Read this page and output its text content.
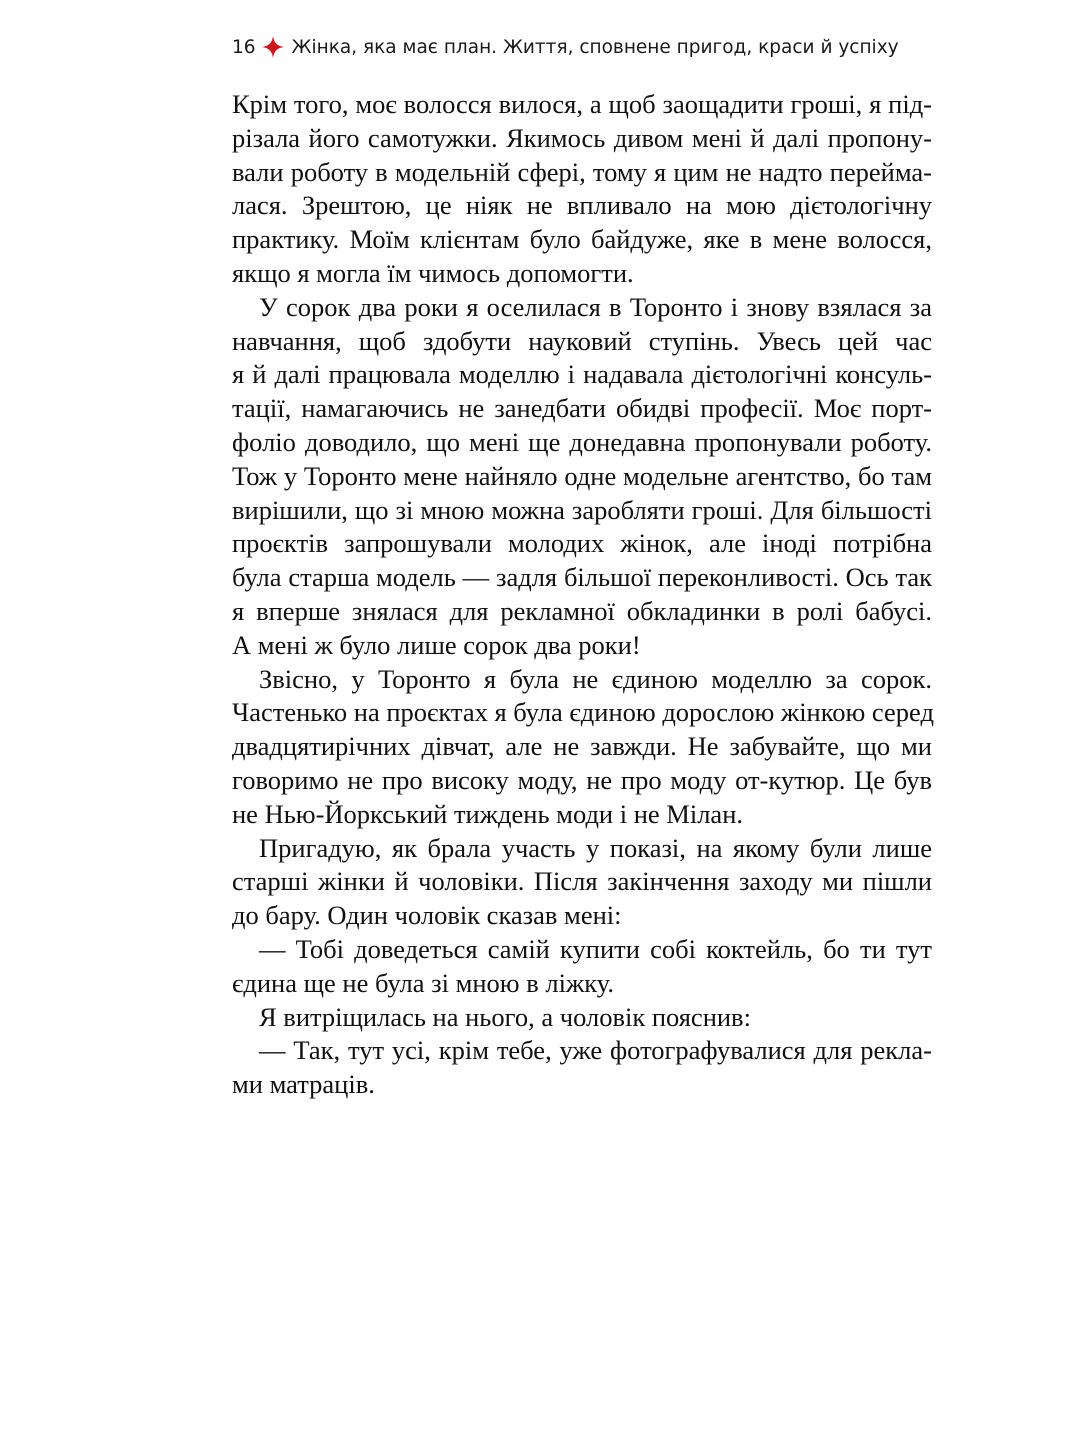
16 Жінка, яка має план. Життя, сповнене пригод, краси й успіху
Крім того, моє волосся вилося, а щоб заощадити гроші, я під-
різала його самотужки. Якимось дивом мені й далі пропону-
вали роботу в модельній сфері, тому я цим не надто перейма-
лася. Зрештою, це ніяк не впливало на мою дієтологічну
практику. Моїм клієнтам було байдуже, яке в мене волосся,
якщо я могла їм чимось допомогти.
У сорок два роки я оселилася в Торонто і знову взялася за
навчання, щоб здобути науковий ступінь. Увесь цей час
я й далі працювала моделлю і надавала дієтологічні консуль-
тації, намагаючись не занедбати обидві професії. Моє порт-
фоліо доводило, що мені ще донедавна пропонували роботу.
Тож у Торонто мене найняло одне модельне агентство, бо там
вирішили, що зі мною можна заробляти гроші. Для більшості
проєктів запрошували молодих жінок, але іноді потрібна
була старша модель — задля більшої переконливості. Ось так
я вперше знялася для рекламної обкладинки в ролі бабусі.
А мені ж було лише сорок два роки!
Звісно, у Торонто я була не єдиною моделлю за сорок.
Частенько на проєктах я була єдиною дорослою жінкою серед
двадцятирічних дівчат, але не завжди. Не забувайте, що ми
говоримо не про високу моду, не про моду от-кутюр. Це був
не Нью-Йоркський тиждень моди і не Мілан.
Пригадую, як брала участь у показі, на якому були лише
старші жінки й чоловіки. Після закінчення заходу ми пішли
до бару. Один чоловік сказав мені:
— Тобі доведеться самій купити собі коктейль, бо ти тут
єдина ще не була зі мною в ліжку.
Я витріщилась на нього, а чоловік пояснив:
— Так, тут усі, крім тебе, уже фотографувалися для рекла-
ми матраців.
